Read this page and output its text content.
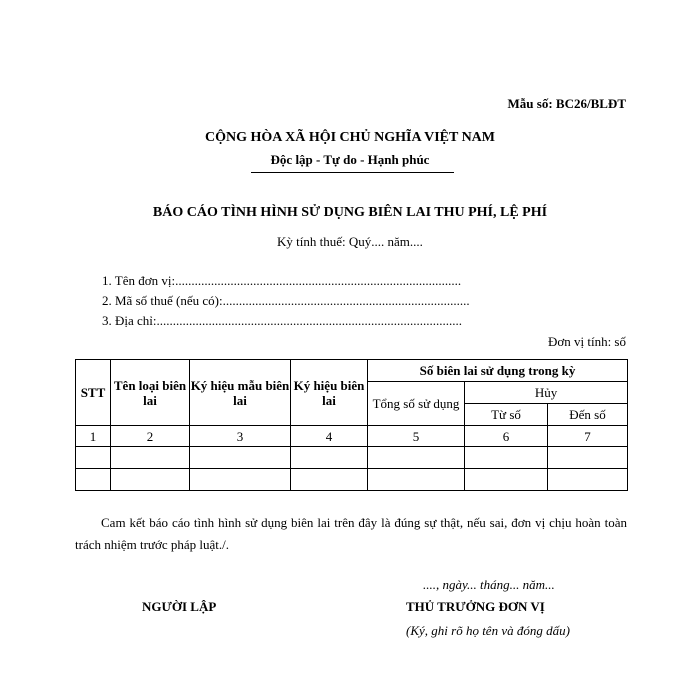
Mẫu số: BC26/BLĐT
CỘNG HÒA XÃ HỘI CHỦ NGHĨA VIỆT NAM
Độc lập - Tự do - Hạnh phúc
BÁO CÁO TÌNH HÌNH SỬ DỤNG BIÊN LAI THU PHÍ, LỆ PHÍ
Kỳ tính thuế: Quý.... năm....
1. Tên đơn vị:........................................................................................
2. Mã số thuế (nếu có):............................................................................
3. Địa chỉ:..............................................................................................
Đơn vị tính: số
STT	Tên loại biên lai	Ký hiệu mẫu biên lai	Ký hiệu biên lai	Số biên lai sử dụng trong kỳ		
				Tổng số sử dụng	Hủy	
					Từ số	Đến số
1	2	3	4	5	6	7

Cam kết báo cáo tình hình sử dụng biên lai trên đây là đúng sự thật, nếu sai, đơn vị chịu hoàn toàn trách nhiệm trước pháp luật./.
...., ngày... tháng... năm...
NGƯỜI LẬP	THỦ TRƯỞNG ĐƠN VỊ
(Ký, ghi rõ họ tên và đóng dấu)
